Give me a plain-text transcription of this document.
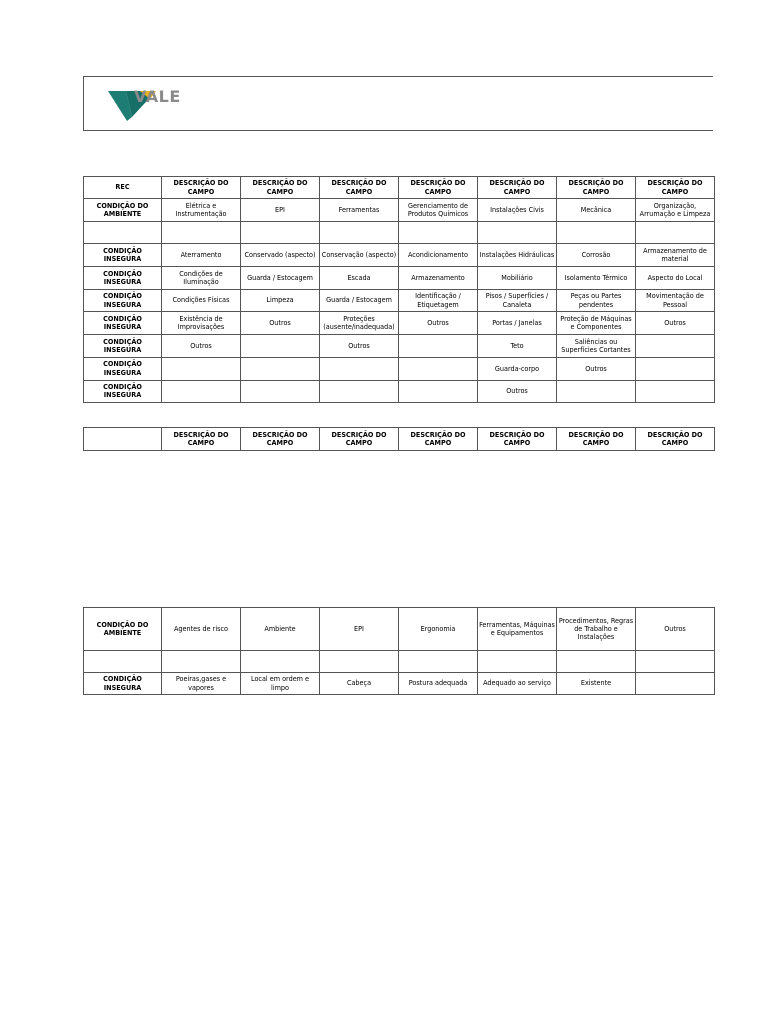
VALE
REC	DESCRIÇÃO DO CAMPO	DESCRIÇÃO DO CAMPO	DESCRIÇÃO DO CAMPO	DESCRIÇÃO DO CAMPO	DESCRIÇÃO DO CAMPO	DESCRIÇÃO DO CAMPO	DESCRIÇÃO DO CAMPO
CONDIÇÃO DO AMBIENTE	Elétrica e Instrumentação	EPI	Ferramentas	Gerenciamento de Produtos Químicos	Instalações Civis	Mecânica	Organização, Arrumação e Limpeza

CONDIÇÃO INSEGURA	Aterramento	Conservado (aspecto)	Conservação (aspecto)	Acondicionamento	Instalações Hidráulicas	Corrosão	Armazenamento de material
CONDIÇÃO INSEGURA	Condições de Iluminação	Guarda / Estocagem	Escada	Armazenamento	Mobiliário	Isolamento Térmico	Aspecto do Local
CONDIÇÃO INSEGURA	Condições Físicas	Limpeza	Guarda / Estocagem	Identificação / Etiquetagem	Pisos / Superfícies / Canaleta	Peças ou Partes pendentes	Movimentação de Pessoal
CONDIÇÃO INSEGURA	Existência de Improvisações	Outros	Proteções (ausente/inadequada)	Outros	Portas / Janelas	Proteção de Máquinas e Componentes	Outros
CONDIÇÃO INSEGURA	Outros		Outros		Teto	Saliências ou Superfícies Cortantes	
CONDIÇÃO INSEGURA					Guarda-corpo	Outros	
CONDIÇÃO INSEGURA					Outros		
	DESCRIÇÃO DO CAMPO	DESCRIÇÃO DO CAMPO	DESCRIÇÃO DO CAMPO	DESCRIÇÃO DO CAMPO	DESCRIÇÃO DO CAMPO	DESCRIÇÃO DO CAMPO	DESCRIÇÃO DO CAMPO
CONDIÇÃO DO AMBIENTE	Agentes de risco	Ambiente	EPI	Ergonomia	Ferramentas, Máquinas e Equipamentos	Procedimentos, Regras de Trabalho e Instalações	Outros

CONDIÇÃO INSEGURA	Poeiras,gases e vapores	Local em ordem e limpo	Cabeça	Postura adequada	Adequado ao serviço	Existente	
